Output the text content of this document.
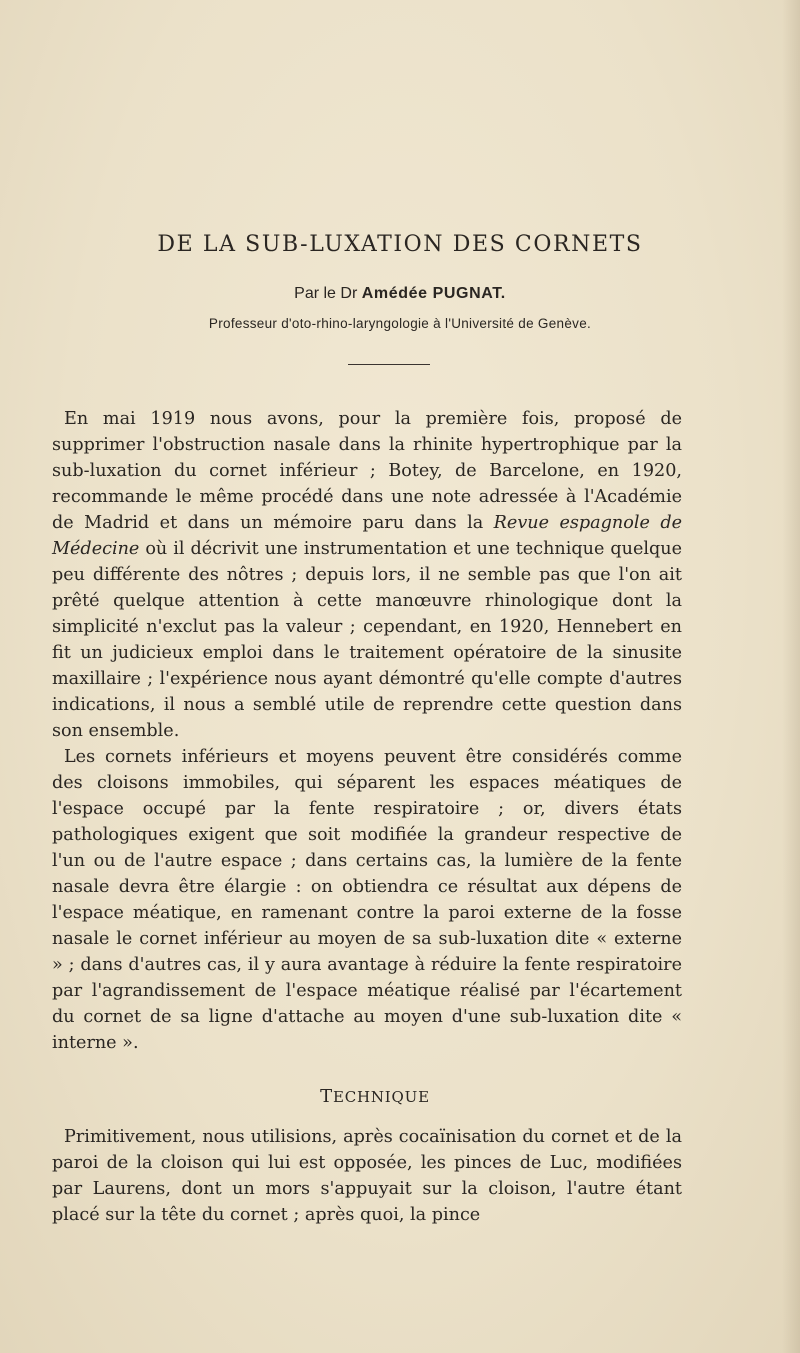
DE LA SUB-LUXATION DES CORNETS
Par le Dr Amédée PUGNAT.
Professeur d'oto-rhino-laryngologie à l'Université de Genève.

En mai 1919 nous avons, pour la première fois, proposé de supprimer l'obstruction nasale dans la rhinite hypertrophique par la sub-luxation du cornet inférieur ; Botey, de Barcelone, en 1920, recommande le même procédé dans une note adressée à l'Académie de Madrid et dans un mémoire paru dans la Revue espagnole de Médecine où il décrivit une instrumentation et une technique quelque peu différente des nôtres ; depuis lors, il ne semble pas que l'on ait prêté quelque attention à cette manœuvre rhinologique dont la simplicité n'exclut pas la valeur ; cependant, en 1920, Hennebert en fit un judicieux emploi dans le traitement opératoire de la sinusite maxillaire ; l'expérience nous ayant démontré qu'elle compte d'autres indications, il nous a semblé utile de reprendre cette question dans son ensemble.

Les cornets inférieurs et moyens peuvent être considérés comme des cloisons immobiles, qui séparent les espaces méatiques de l'espace occupé par la fente respiratoire ; or, divers états pathologiques exigent que soit modifiée la grandeur respective de l'un ou de l'autre espace ; dans certains cas, la lumière de la fente nasale devra être élargie : on obtiendra ce résultat aux dépens de l'espace méatique, en ramenant contre la paroi externe de la fosse nasale le cornet inférieur au moyen de sa sub-luxation dite « externe » ; dans d'autres cas, il y aura avantage à réduire la fente respiratoire par l'agrandissement de l'espace méatique réalisé par l'écartement du cornet de sa ligne d'attache au moyen d'une sub-luxation dite « interne ».

TECHNIQUE

Primitivement, nous utilisions, après cocaïnisation du cornet et de la paroi de la cloison qui lui est opposée, les pinces de Luc, modifiées par Laurens, dont un mors s'appuyait sur la cloison, l'autre étant placé sur la tête du cornet ; après quoi, la pince
